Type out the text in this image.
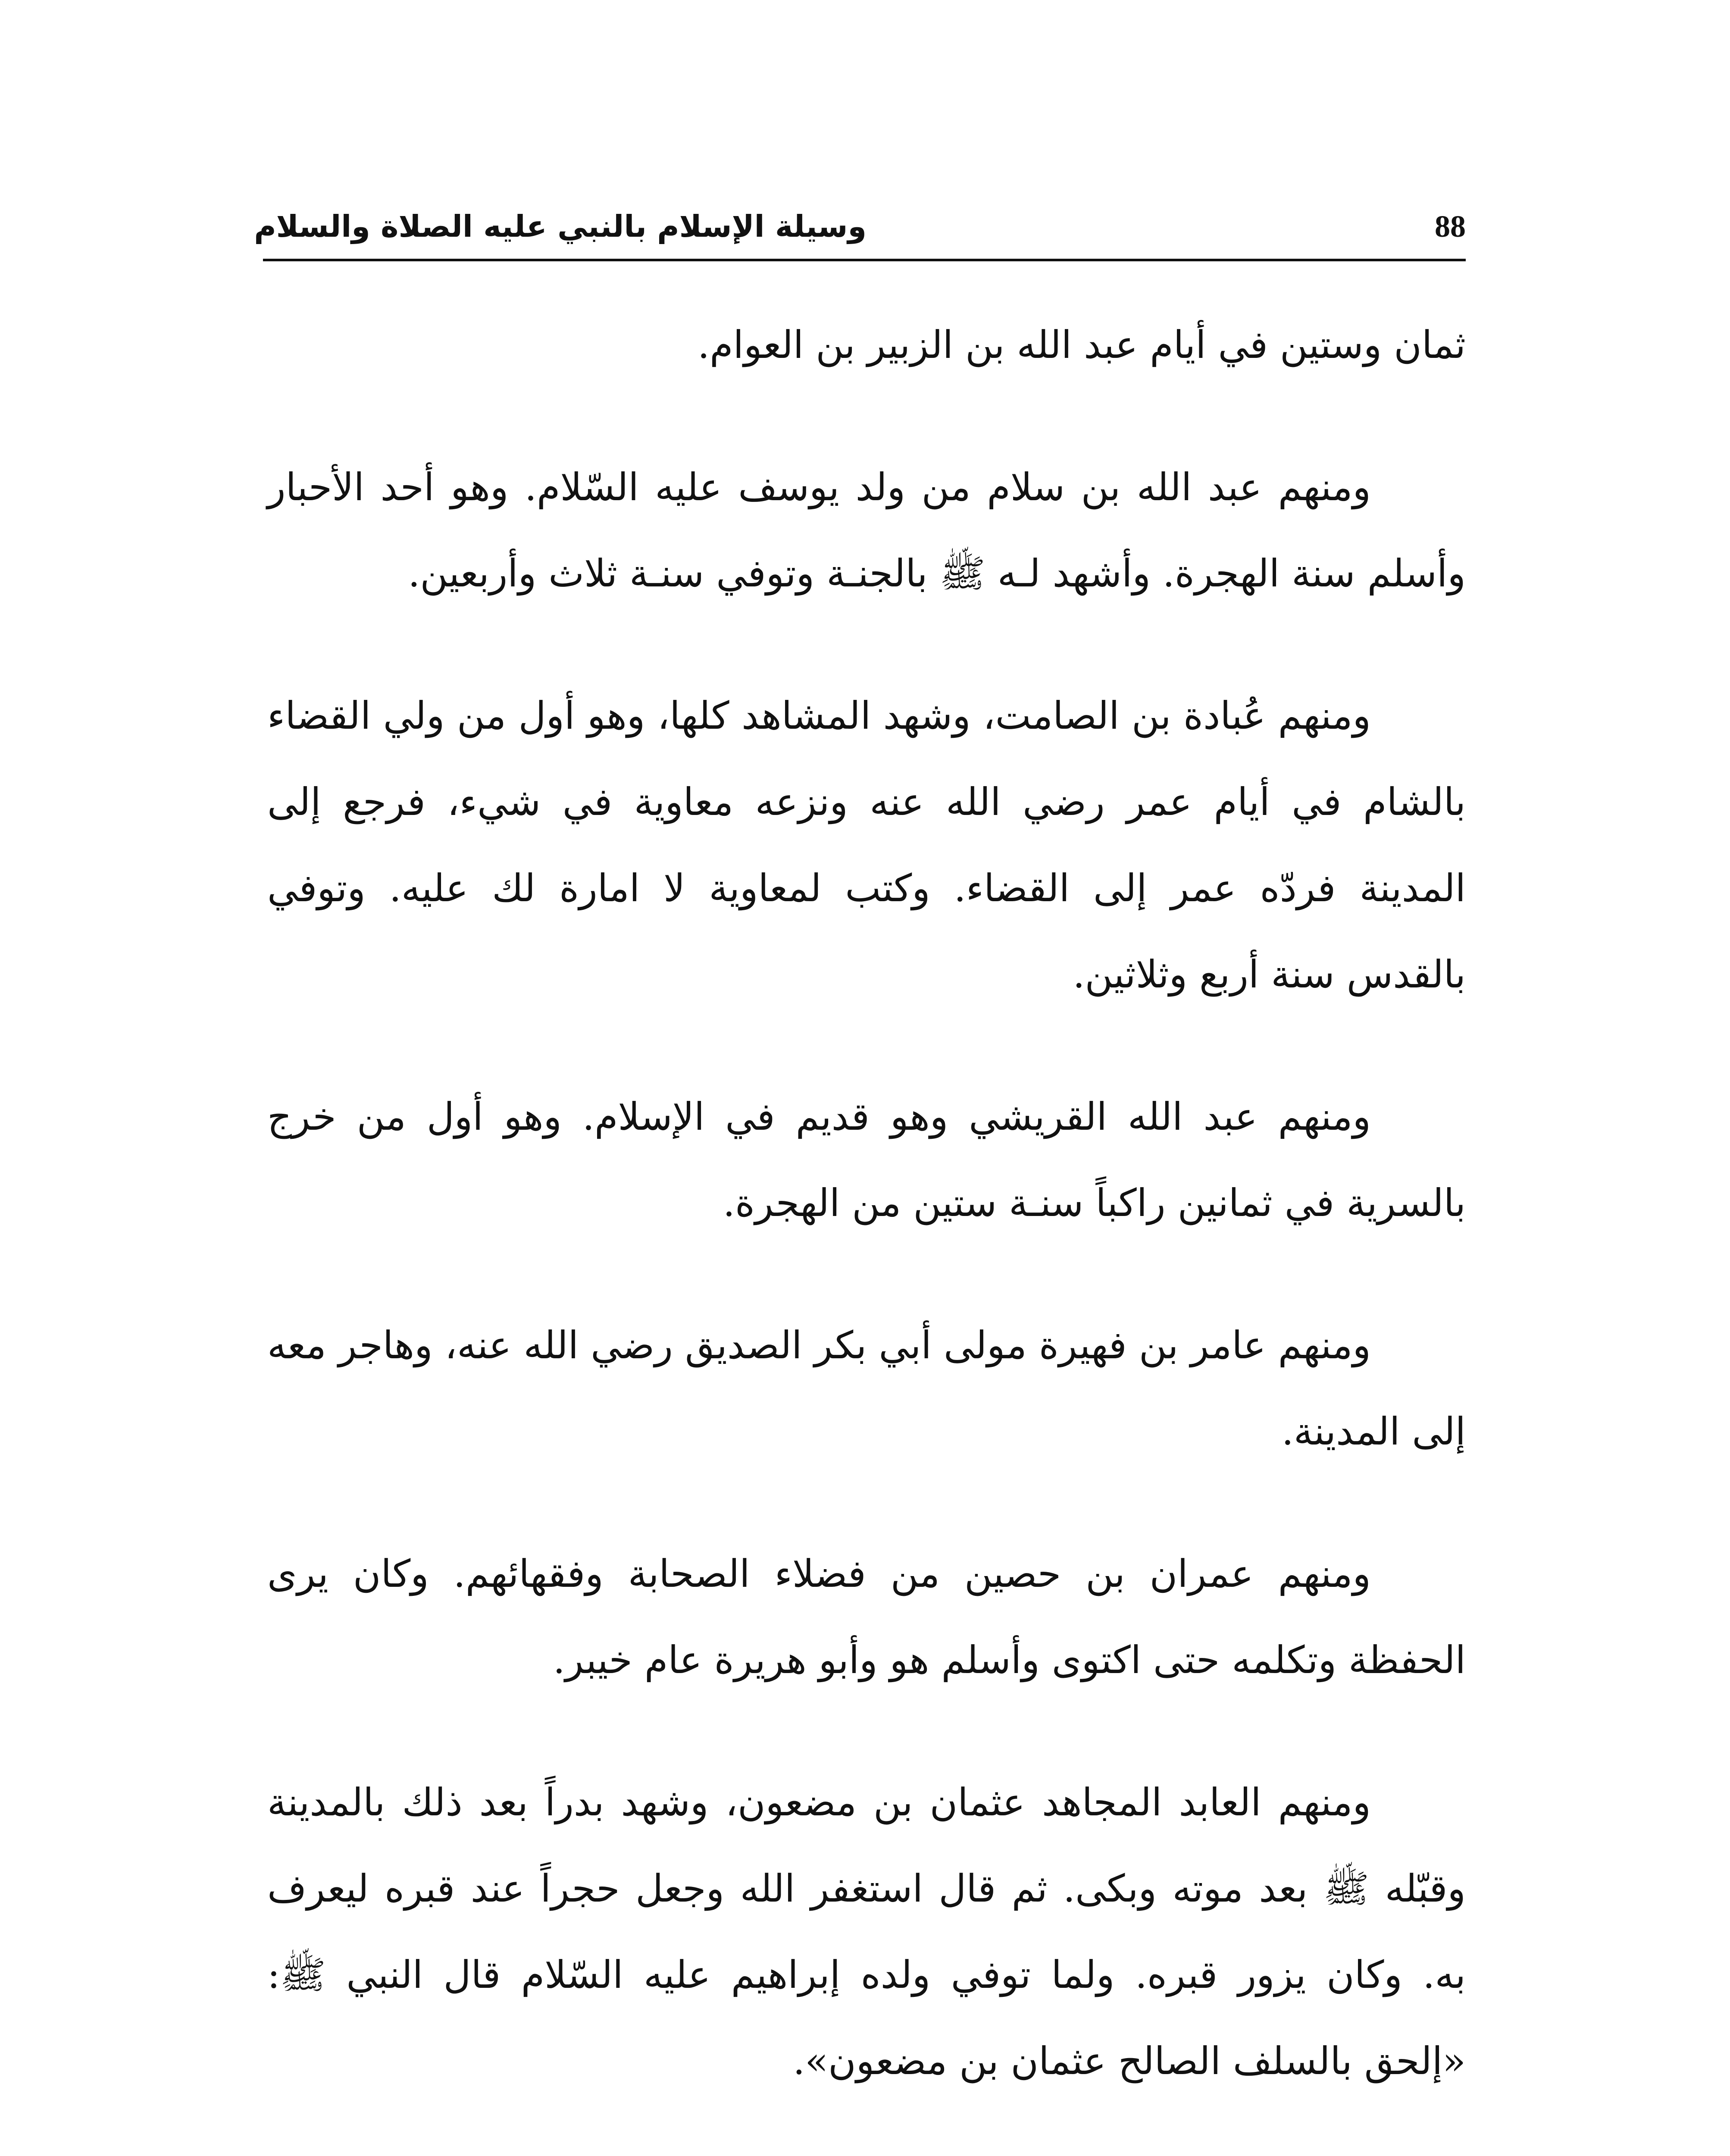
وسيلة الإسلام بالنبي عليه الصلاة والسلام	88

ثمان وستين في أيام عبد الله بن الزبير بن العوام.

ومنهم عبد الله بن سلام من ولد يوسف عليه السّلام. وهو أحد الأحبار وأسلم سنة الهجرة. وأشهد لـه ﷺ بالجنـة وتوفي سنـة ثلاث وأربعين.

ومنهم عُبادة بن الصامت، وشهد المشاهد كلها، وهو أول من ولي القضاء بالشام في أيام عمر رضي الله عنه ونزعه معاوية في شيء، فرجع إلى المدينة فردّه عمر إلى القضاء. وكتب لمعاوية لا امارة لك عليه. وتوفي بالقدس سنة أربع وثلاثين.

ومنهم عبد الله القريشي وهو قديم في الإسلام. وهو أول من خرج بالسرية في ثمانين راكباً سنـة ستين من الهجرة.

ومنهم عامر بن فهيرة مولى أبي بكر الصديق رضي الله عنه، وهاجر معه إلى المدينة.

ومنهم عمران بن حصين من فضلاء الصحابة وفقهائهم. وكان يرى الحفظة وتكلمه حتى اكتوى وأسلم هو وأبو هريرة عام خيبر.

ومنهم العابد المجاهد عثمان بن مضعون، وشهد بدراً بعد ذلك بالمدينة وقبّله ﷺ بعد موته وبكى. ثم قال استغفر الله وجعل حجراً عند قبره ليعرف به. وكان يزور قبره. ولما توفي ولده إبراهيم عليه السّلام قال النبي ﷺ: «إلحق بالسلف الصالح عثمان بن مضعون».
